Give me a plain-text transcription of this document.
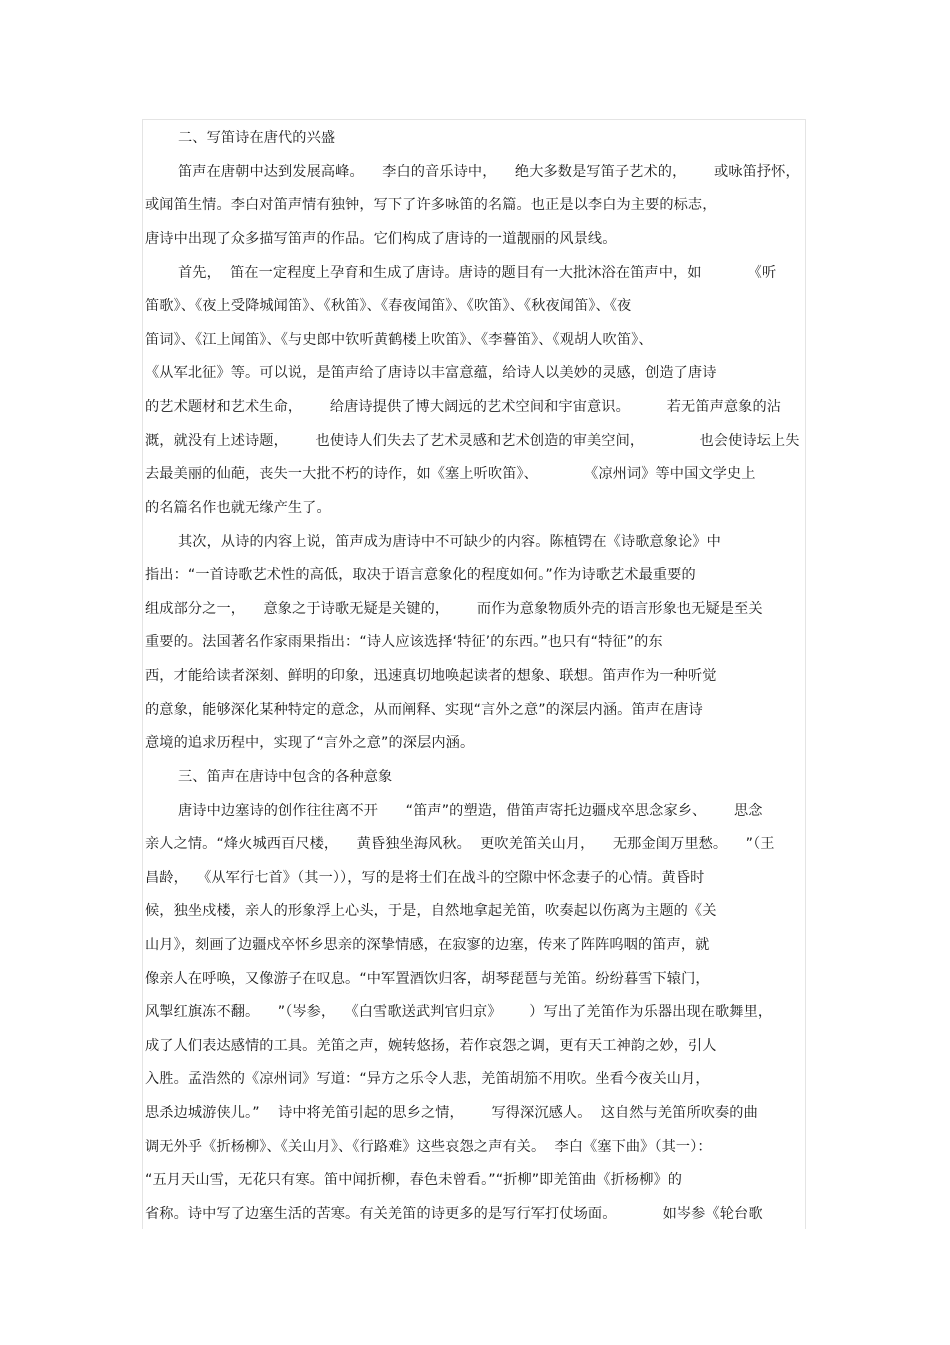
二、写笛诗在唐代的兴盛
笛声在唐朝中达到发展高峰。    李白的音乐诗中，    绝大多数是写笛子艺术的，      或咏笛抒怀，
或闻笛生情。李白对笛声情有独钟，写下了许多咏笛的名篇。也正是以李白为主要的标志，
唐诗中出现了众多描写笛声的作品。它们构成了唐诗的一道靓丽的风景线。
首先，  笛在一定程度上孕育和生成了唐诗。唐诗的题目有一大批沐浴在笛声中，如          《听
笛歌》、《夜上受降城闻笛》、《秋笛》、《春夜闻笛》、《吹笛》、《秋夜闻笛》、《夜
笛词》、《江上闻笛》、《与史郎中钦听黄鹤楼上吹笛》、《李謩笛》、《观胡人吹笛》、
《从军北征》等。可以说，是笛声给了唐诗以丰富意蕴，给诗人以美妙的灵感，创造了唐诗
的艺术题材和艺术生命，      给唐诗提供了博大阔远的艺术空间和宇宙意识。        若无笛声意象的沾
溉，就没有上述诗题，      也使诗人们失去了艺术灵感和艺术创造的审美空间，            也会使诗坛上失
去最美丽的仙葩，丧失一大批不朽的诗作，如《塞上听吹笛》、          《凉州词》等中国文学史上
的名篇名作也就无缘产生了。
其次，从诗的内容上说，笛声成为唐诗中不可缺少的内容。陈植锷在《诗歌意象论》中
指出：“一首诗歌艺术性的高低，取决于语言意象化的程度如何。”作为诗歌艺术最重要的
组成部分之一，    意象之于诗歌无疑是关键的，      而作为意象物质外壳的语言形象也无疑是至关
重要的。法国著名作家雨果指出：“诗人应该选择‘特征’的东西。”也只有“特征”的东
西，才能给读者深刻、鲜明的印象，迅速真切地唤起读者的想象、联想。笛声作为一种听觉
的意象，能够深化某种特定的意念，从而阐释、实现“言外之意”的深层内涵。笛声在唐诗
意境的追求历程中，实现了“言外之意”的深层内涵。
三、笛声在唐诗中包含的各种意象
唐诗中边塞诗的创作往往离不开      “笛声”的塑造，借笛声寄托边疆戍卒思念家乡、      思念
亲人之情。“烽火城西百尺楼，    黄昏独坐海风秋。  更吹羌笛关山月，    无那金闺万里愁。    ”（王
昌龄，  《从军行七首》（其一）），写的是将士们在战斗的空隙中怀念妻子的心情。黄昏时
候，独坐戍楼，亲人的形象浮上心头，于是，自然地拿起羌笛，吹奏起以伤离为主题的《关
山月》，刻画了边疆戍卒怀乡思亲的深挚情感，在寂寥的边塞，传来了阵阵呜咽的笛声，就
像亲人在呼唤，又像游子在叹息。“中军置酒饮归客，胡琴琵琶与羌笛。纷纷暮雪下辕门，
风掣红旗冻不翻。    ”（岑参，  《白雪歌送武判官归京》      ）写出了羌笛作为乐器出现在歌舞里，
成了人们表达感情的工具。羌笛之声，婉转悠扬，若作哀怨之调，更有天工神韵之妙，引人
入胜。孟浩然的《凉州词》写道：“异方之乐令人悲，羌笛胡笳不用吹。坐看今夜关山月，
思杀边城游侠儿。”    诗中将羌笛引起的思乡之情，      写得深沉感人。  这自然与羌笛所吹奏的曲
调无外乎《折杨柳》、《关山月》、《行路难》这些哀怨之声有关。  李白《塞下曲》（其一）：
“五月天山雪，无花只有寒。笛中闻折柳，春色未曾看。”“折柳”即羌笛曲《折杨柳》的
省称。诗中写了边塞生活的苦寒。有关羌笛的诗更多的是写行军打仗场面。          如岑参《轮台歌
